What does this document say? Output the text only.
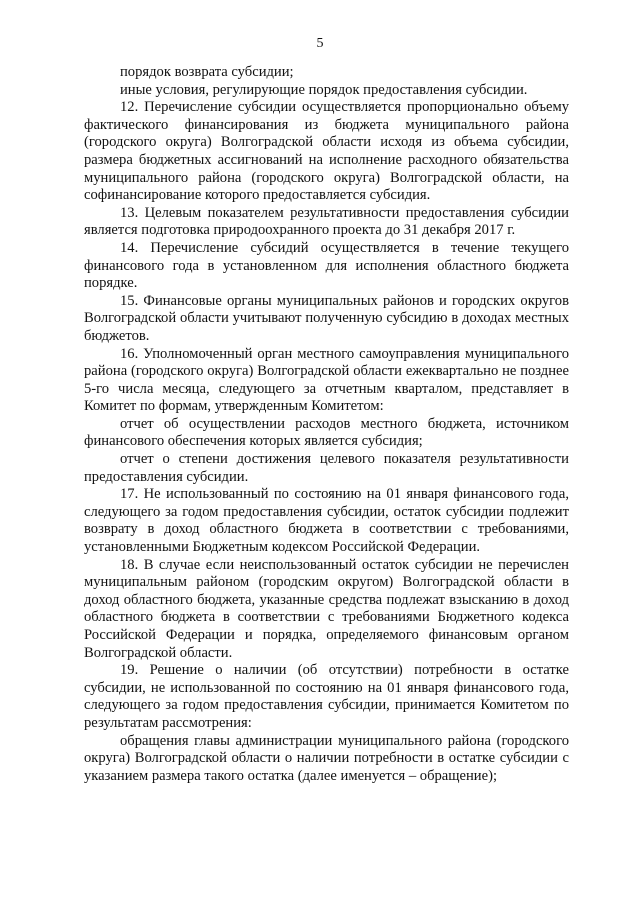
5

порядок возврата субсидии;

иные условия, регулирующие порядок предоставления субсидии.

12. Перечисление субсидии осуществляется пропорционально объему фактического финансирования из бюджета муниципального района (городского округа) Волгоградской области исходя из объема субсидии, размера бюджетных ассигнований на исполнение расходного обязательства муниципального района (городского округа) Волгоградской области, на софинансирование которого предоставляется субсидия.

13. Целевым показателем результативности предоставления субсидии является подготовка природоохранного проекта до 31 декабря 2017 г.

14. Перечисление субсидий осуществляется в течение текущего финансового года в установленном для исполнения областного бюджета порядке.

15. Финансовые органы муниципальных районов и городских округов Волгоградской области учитывают полученную субсидию в доходах местных бюджетов.

16. Уполномоченный орган местного самоуправления муниципального района (городского округа) Волгоградской области ежеквартально не позднее 5-го числа месяца, следующего за отчетным кварталом, представляет в Комитет по формам, утвержденным Комитетом:

отчет об осуществлении расходов местного бюджета, источником финансового обеспечения которых является субсидия;

отчет о степени достижения целевого показателя результативности предоставления субсидии.

17. Не использованный по состоянию на 01 января финансового года, следующего за годом предоставления субсидии, остаток субсидии подлежит возврату в доход областного бюджета в соответствии с требованиями, установленными Бюджетным кодексом Российской Федерации.

18. В случае если неиспользованный остаток субсидии не перечислен муниципальным районом (городским округом) Волгоградской области в доход областного бюджета, указанные средства подлежат взысканию в доход областного бюджета в соответствии с требованиями Бюджетного кодекса Российской Федерации и порядка, определяемого финансовым органом Волгоградской области.

19. Решение о наличии (об отсутствии) потребности в остатке субсидии, не использованной по состоянию на 01 января финансового года, следующего за годом предоставления субсидии, принимается Комитетом по результатам рассмотрения:

обращения главы администрации муниципального района (городского округа) Волгоградской области о наличии потребности в остатке субсидии с указанием размера такого остатка (далее именуется – обращение);
